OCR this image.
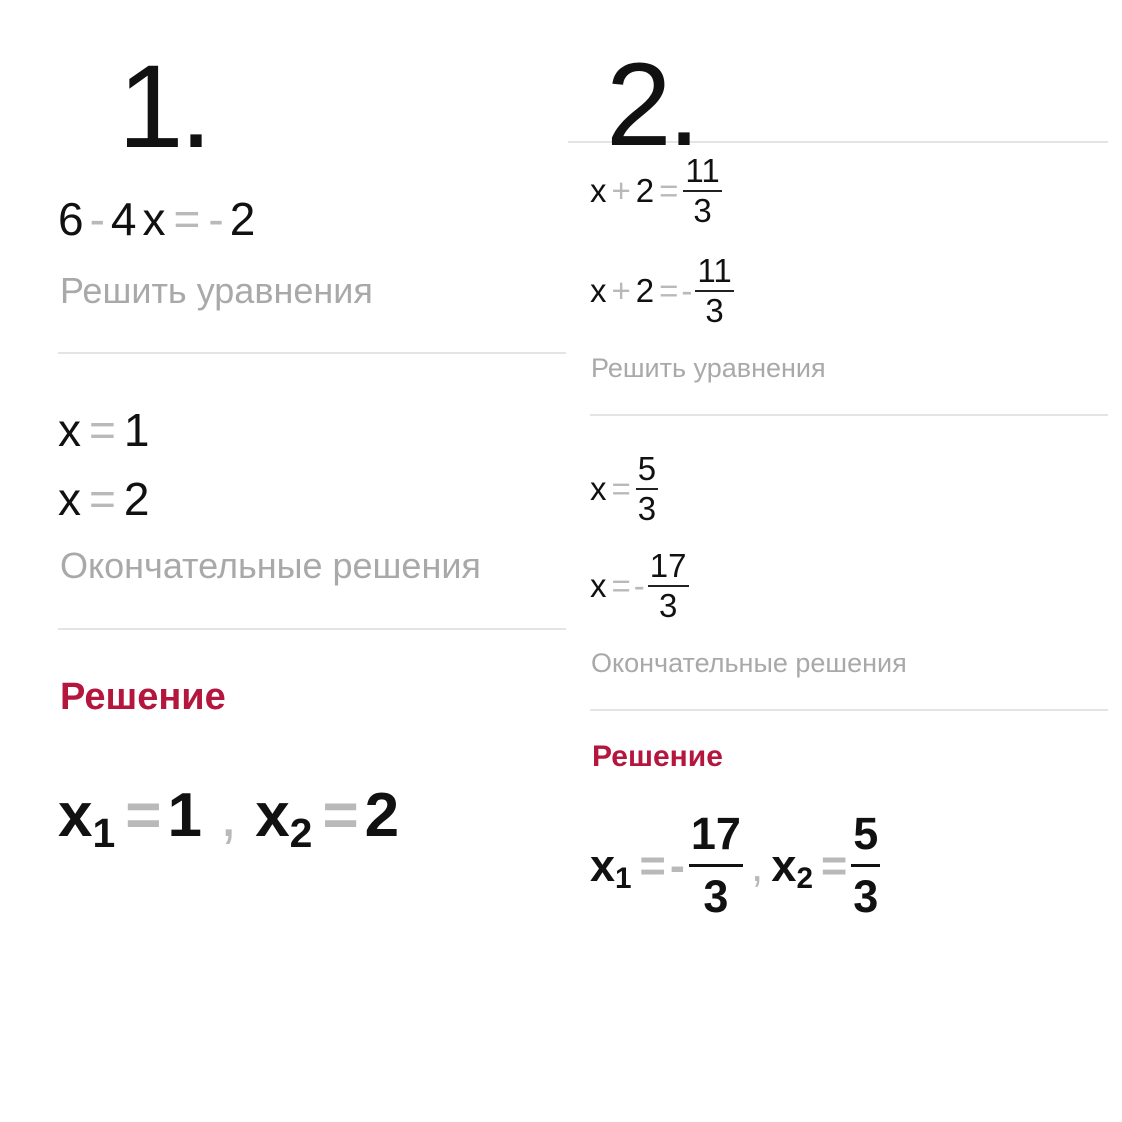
1.
6 - 4 x = - 2
Решить уравнения
x = 1
x = 2
Окончательные решения
Решение
$x_1 = 1$ , $x_2 = 2$
2.
$x + 2 = \frac{11}{3}$
x + 2 = - $\frac{11}{3}$
Решить уравнения
$x = \frac{5}{3}$
x = - $\frac{17}{3}$
Окончательные решения
Решение
$x_1$ = - $\frac{17}{3}$ , $x_2 = \frac{5}{3}$
